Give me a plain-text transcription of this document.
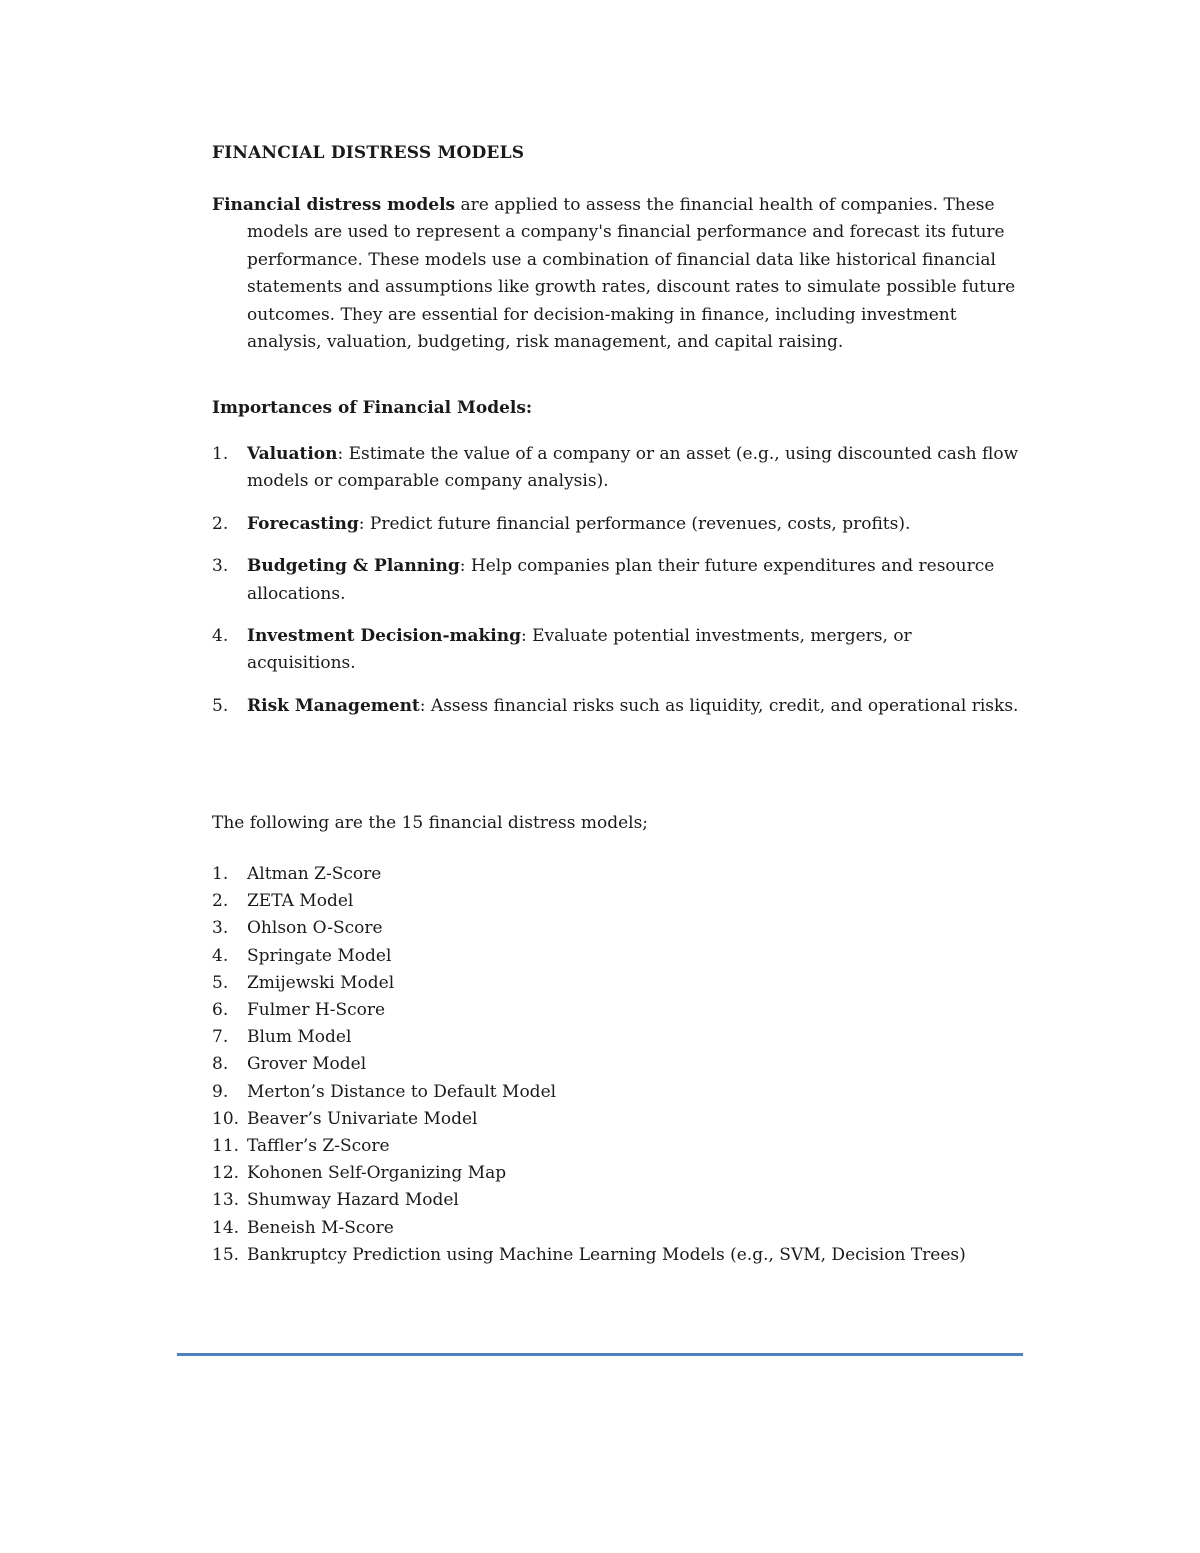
FINANCIAL DISTRESS MODELS
Financial distress models are applied to assess the financial health of companies. These models are used to represent a company's financial performance and forecast its future performance. These models use a combination of financial data like historical financial statements and assumptions like growth rates, discount rates to simulate possible future outcomes. They are essential for decision-making in finance, including investment analysis, valuation, budgeting, risk management, and capital raising.
Importances of Financial Models:
1. Valuation: Estimate the value of a company or an asset (e.g., using discounted cash flow models or comparable company analysis).
2. Forecasting: Predict future financial performance (revenues, costs, profits).
3. Budgeting & Planning: Help companies plan their future expenditures and resource allocations.
4. Investment Decision-making: Evaluate potential investments, mergers, or acquisitions.
5. Risk Management: Assess financial risks such as liquidity, credit, and operational risks.
The following are the 15 financial distress models;
1. Altman Z-Score
2. ZETA Model
3. Ohlson O-Score
4. Springate Model
5. Zmijewski Model
6. Fulmer H-Score
7. Blum Model
8. Grover Model
9. Merton’s Distance to Default Model
10. Beaver’s Univariate Model
11. Taffler’s Z-Score
12. Kohonen Self-Organizing Map
13. Shumway Hazard Model
14. Beneish M-Score
15. Bankruptcy Prediction using Machine Learning Models (e.g., SVM, Decision Trees)
